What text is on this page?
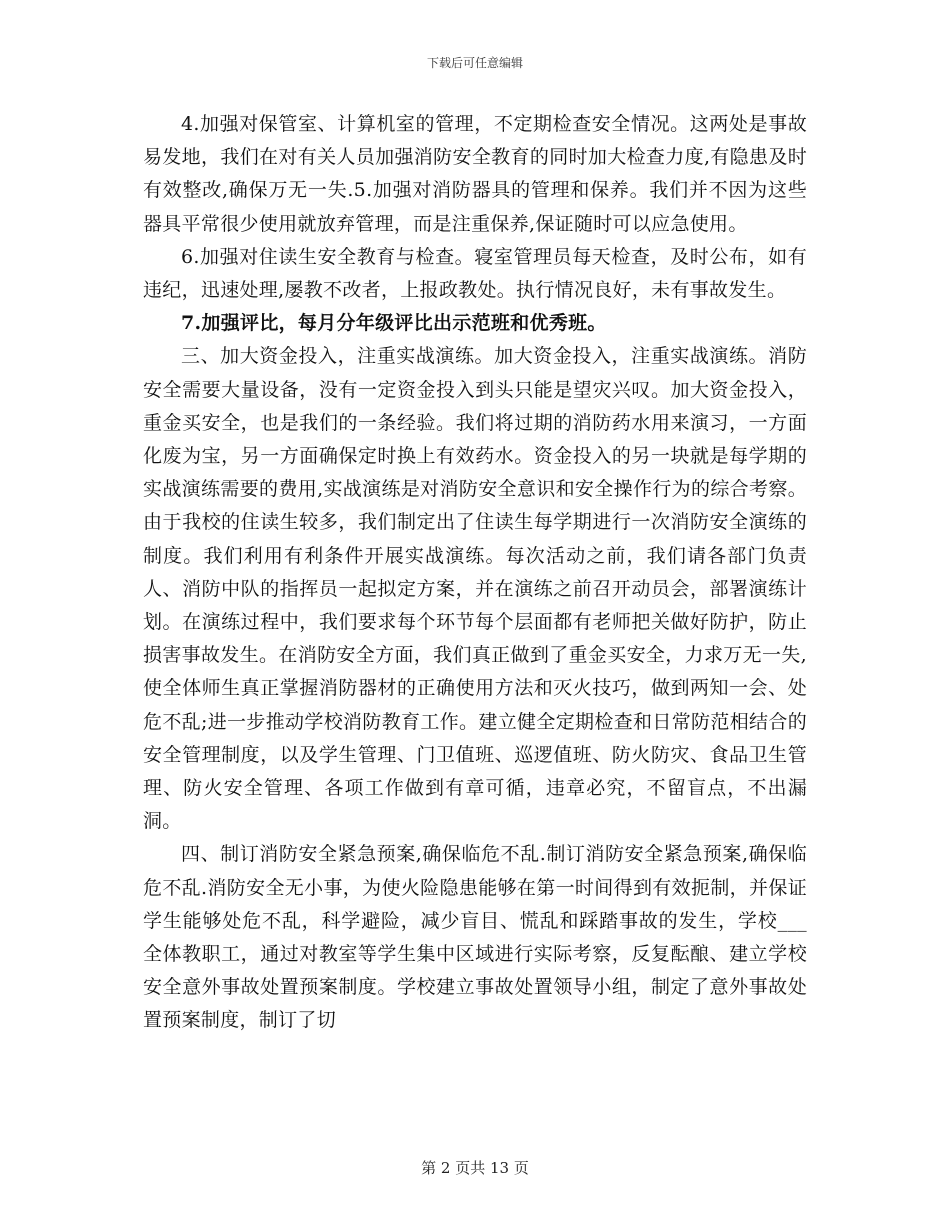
下载后可任意编辑

4.加强对保管室、计算机室的管理，不定期检查安全情况。这两处是事故易发地，我们在对有关人员加强消防安全教育的同时加大检查力度,有隐患及时有效整改,确保万无一失.5.加强对消防器具的管理和保养。我们并不因为这些器具平常很少使用就放弃管理，而是注重保养,保证随时可以应急使用。

6.加强对住读生安全教育与检查。寝室管理员每天检查，及时公布，如有违纪，迅速处理,屡教不改者，上报政教处。执行情况良好，未有事故发生。

7.加强评比，每月分年级评比出示范班和优秀班。

三、加大资金投入，注重实战演练。加大资金投入，注重实战演练。消防安全需要大量设备，没有一定资金投入到头只能是望灾兴叹。加大资金投入，重金买安全，也是我们的一条经验。我们将过期的消防药水用来演习，一方面化废为宝，另一方面确保定时换上有效药水。资金投入的另一块就是每学期的实战演练需要的费用,实战演练是对消防安全意识和安全操作行为的综合考察。由于我校的住读生较多，我们制定出了住读生每学期进行一次消防安全演练的制度。我们利用有利条件开展实战演练。每次活动之前，我们请各部门负责人、消防中队的指挥员一起拟定方案，并在演练之前召开动员会，部署演练计划。在演练过程中，我们要求每个环节每个层面都有老师把关做好防护，防止损害事故发生。在消防安全方面，我们真正做到了重金买安全，力求万无一失,使全体师生真正掌握消防器材的正确使用方法和灭火技巧，做到两知一会、处危不乱;进一步推动学校消防教育工作。建立健全定期检查和日常防范相结合的安全管理制度，以及学生管理、门卫值班、巡逻值班、防火防灾、食品卫生管理、防火安全管理、各项工作做到有章可循，违章必究，不留盲点，不出漏洞。

四、制订消防安全紧急预案,确保临危不乱.制订消防安全紧急预案,确保临危不乱.消防安全无小事，为使火险隐患能够在第一时间得到有效扼制，并保证学生能够处危不乱，科学避险，减少盲目、慌乱和踩踏事故的发生，学校___全体教职工，通过对教室等学生集中区域进行实际考察，反复酝酿、建立学校安全意外事故处置预案制度。学校建立事故处置领导小组，制定了意外事故处置预案制度，制订了切

第 2 页共 13 页
